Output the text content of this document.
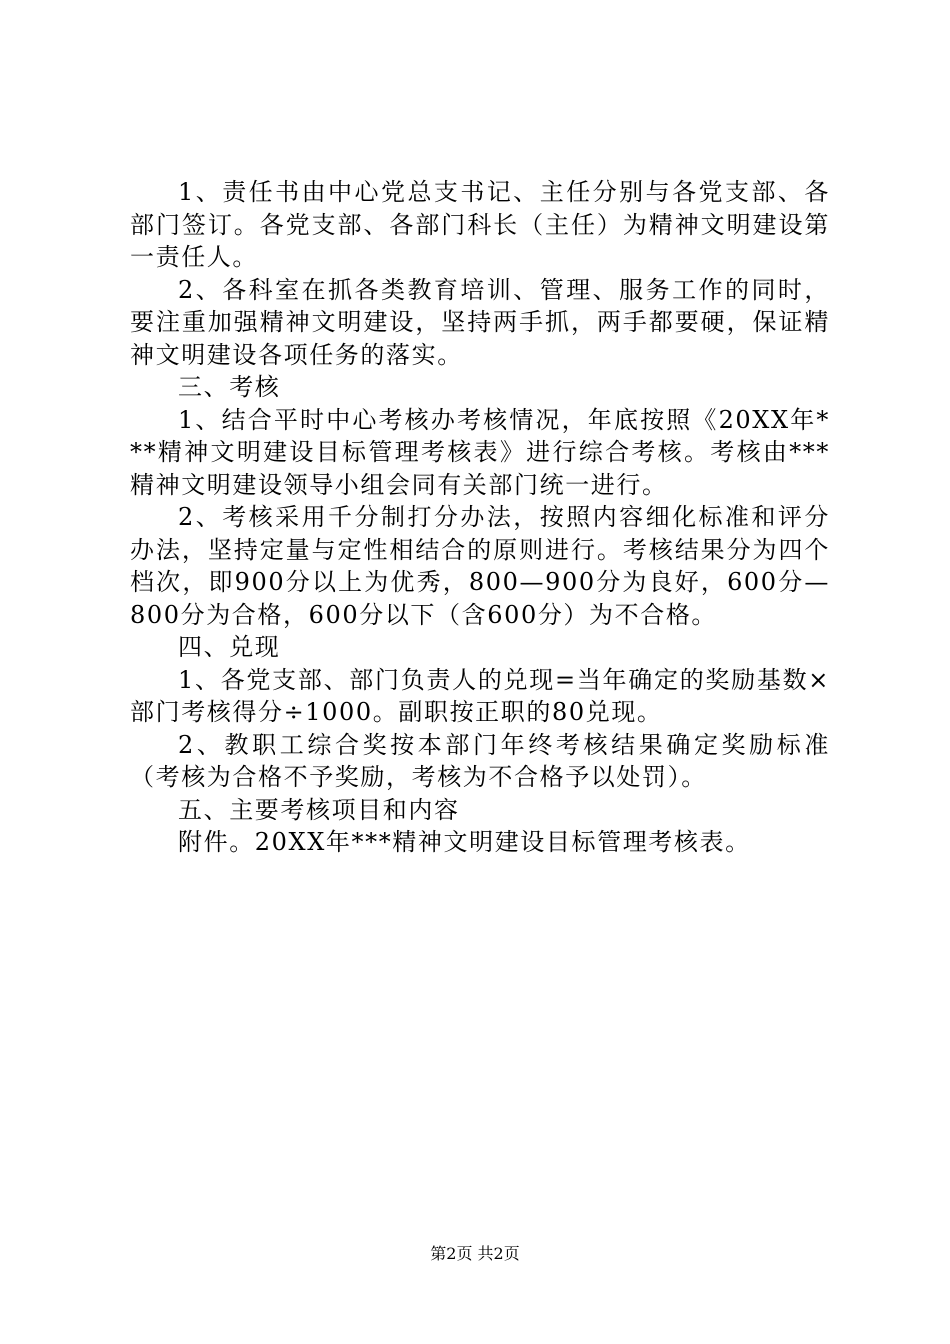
1、责任书由中心党总支书记、主任分别与各党支部、各部门签订。各党支部、各部门科长（主任）为精神文明建设第一责任人。

2、各科室在抓各类教育培训、管理、服务工作的同时，要注重加强精神文明建设，坚持两手抓，两手都要硬，保证精神文明建设各项任务的落实。

三、考核

1、结合平时中心考核办考核情况，年底按照《20XX年***精神文明建设目标管理考核表》进行综合考核。考核由***精神文明建设领导小组会同有关部门统一进行。

2、考核采用千分制打分办法，按照内容细化标准和评分办法，坚持定量与定性相结合的原则进行。考核结果分为四个档次，即900分以上为优秀，800—900分为良好，600分—800分为合格，600分以下（含600分）为不合格。

四、兑现

1、各党支部、部门负责人的兑现=当年确定的奖励基数×部门考核得分÷1000。副职按正职的80兑现。

2、教职工综合奖按本部门年终考核结果确定奖励标准（考核为合格不予奖励，考核为不合格予以处罚）。

五、主要考核项目和内容

附件。20XX年***精神文明建设目标管理考核表。

第2页 共2页
